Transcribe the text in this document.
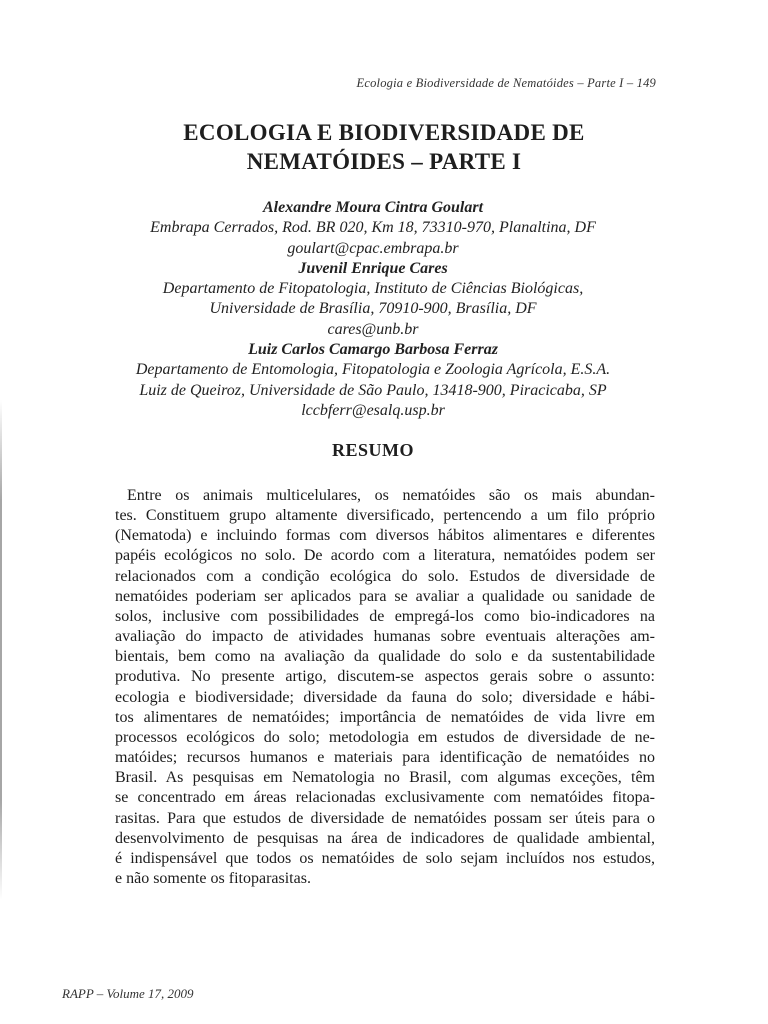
Ecologia e Biodiversidade de Nematóides – Parte I – 149
ECOLOGIA E BIODIVERSIDADE DE
NEMATÓIDES – PARTE I
Alexandre Moura Cintra Goulart
Embrapa Cerrados, Rod. BR 020, Km 18, 73310-970, Planaltina, DF
goulart@cpac.embrapa.br
Juvenil Enrique Cares
Departamento de Fitopatologia, Instituto de Ciências Biológicas,
Universidade de Brasília, 70910-900, Brasília, DF
cares@unb.br
Luiz Carlos Camargo Barbosa Ferraz
Departamento de Entomologia, Fitopatologia e Zoologia Agrícola, E.S.A.
Luiz de Queiroz, Universidade de São Paulo, 13418-900, Piracicaba, SP
lccbferr@esalq.usp.br
RESUMO
Entre os animais multicelulares, os nematóides são os mais abundan-
tes. Constituem grupo altamente diversificado, pertencendo a um filo próprio
(Nematoda) e incluindo formas com diversos hábitos alimentares e diferentes
papéis ecológicos no solo. De acordo com a literatura, nematóides podem ser
relacionados com a condição ecológica do solo. Estudos de diversidade de
nematóides poderiam ser aplicados para se avaliar a qualidade ou sanidade de
solos, inclusive com possibilidades de empregá-los como bio-indicadores na
avaliação do impacto de atividades humanas sobre eventuais alterações am-
bientais, bem como na avaliação da qualidade do solo e da sustentabilidade
produtiva. No presente artigo, discutem-se aspectos gerais sobre o assunto:
ecologia e biodiversidade; diversidade da fauna do solo; diversidade e hábi-
tos alimentares de nematóides; importância de nematóides de vida livre em
processos ecológicos do solo; metodologia em estudos de diversidade de ne-
matóides; recursos humanos e materiais para identificação de nematóides no
Brasil. As pesquisas em Nematologia no Brasil, com algumas exceções, têm
se concentrado em áreas relacionadas exclusivamente com nematóides fitopa-
rasitas. Para que estudos de diversidade de nematóides possam ser úteis para o
desenvolvimento de pesquisas na área de indicadores de qualidade ambiental,
é indispensável que todos os nematóides de solo sejam incluídos nos estudos,
e não somente os fitoparasitas.
RAPP – Volume 17, 2009
